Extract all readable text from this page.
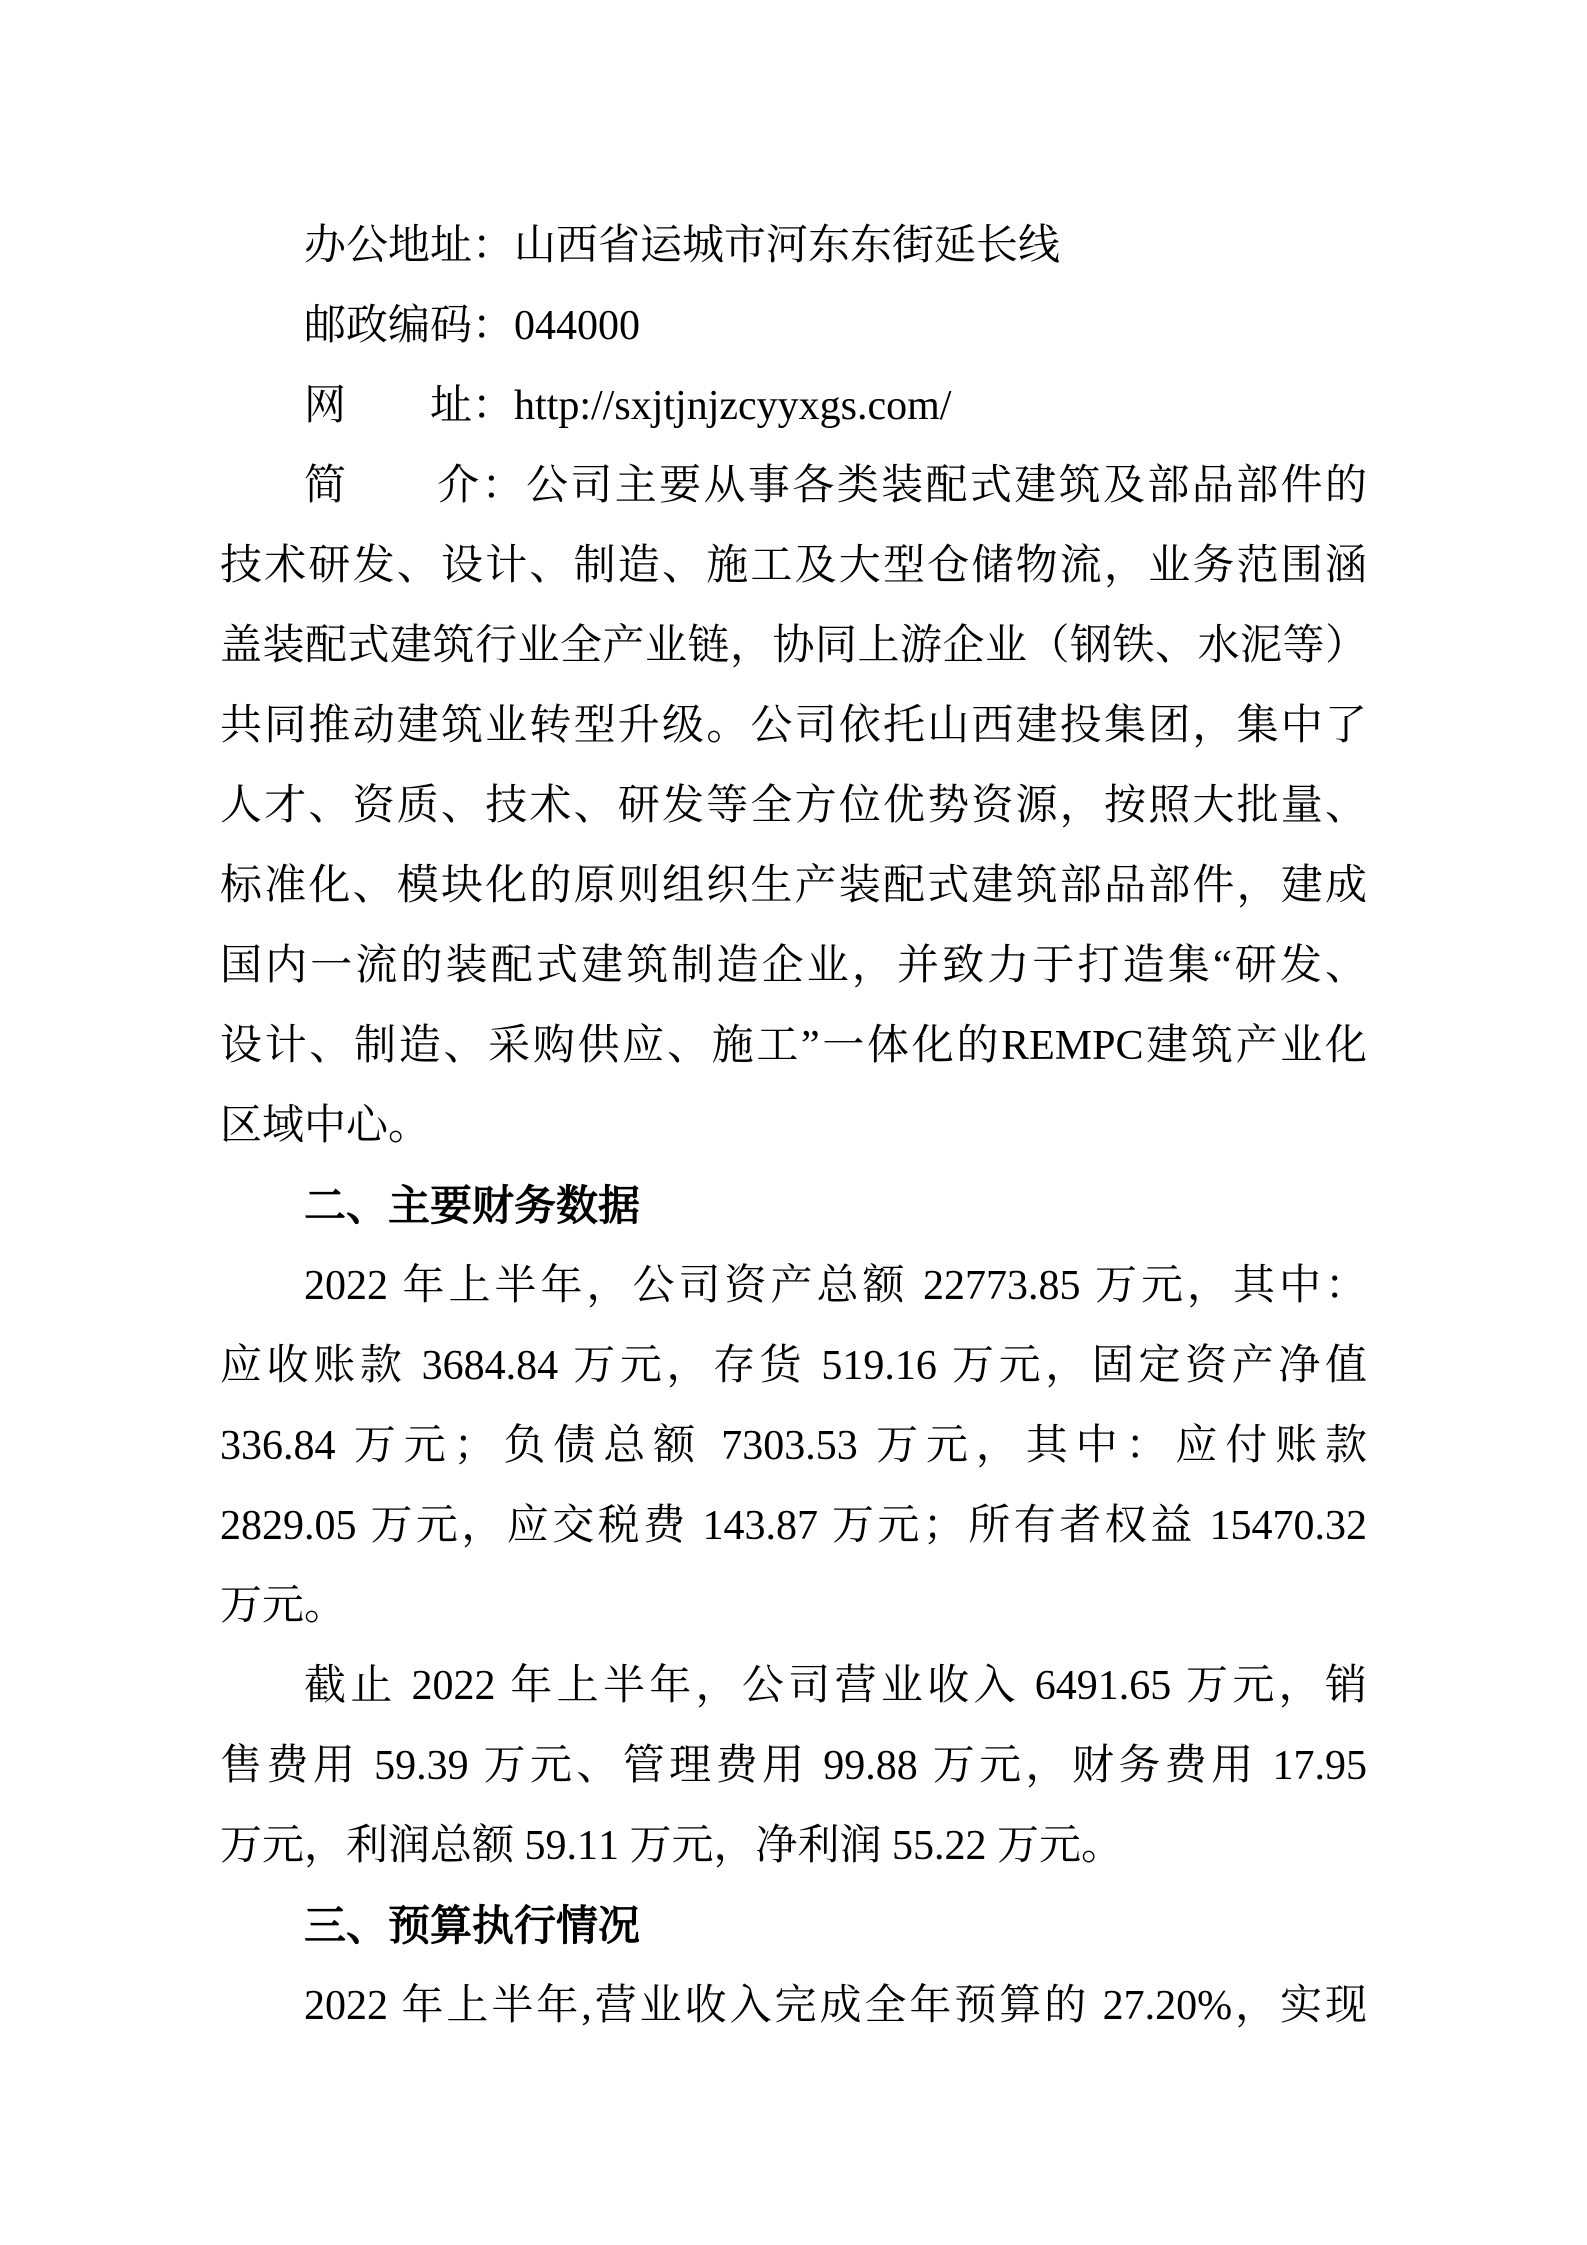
办公地址：山西省运城市河东东街延长线
邮政编码：044000
网　　址：http://sxjtjnjzcyyxgs.com/
简　　介：公司主要从事各类装配式建筑及部品部件的
技术研发、设计、制造、施工及大型仓储物流，业务范围涵
盖装配式建筑行业全产业链，协同上游企业（钢铁、水泥等）
共同推动建筑业转型升级。公司依托山西建投集团，集中了
人才、资质、技术、研发等全方位优势资源，按照大批量、
标准化、模块化的原则组织生产装配式建筑部品部件，建成
国内一流的装配式建筑制造企业，并致力于打造集“研发、
设计、制造、采购供应、施工”一体化的REMPC建筑产业化
区域中心。
二、主要财务数据
2022 年上半年，公司资产总额 22773.85 万元，其中：
应收账款 3684.84 万元，存货 519.16 万元，固定资产净值
336.84 万元；负债总额 7303.53 万元，其中：应付账款
2829.05 万元，应交税费 143.87 万元；所有者权益 15470.32
万元。
截止 2022 年上半年，公司营业收入 6491.65 万元，销
售费用 59.39 万元、管理费用 99.88 万元，财务费用 17.95
万元，利润总额 59.11 万元，净利润 55.22 万元。
三、预算执行情况
2022 年上半年,营业收入完成全年预算的 27.20%，实现
